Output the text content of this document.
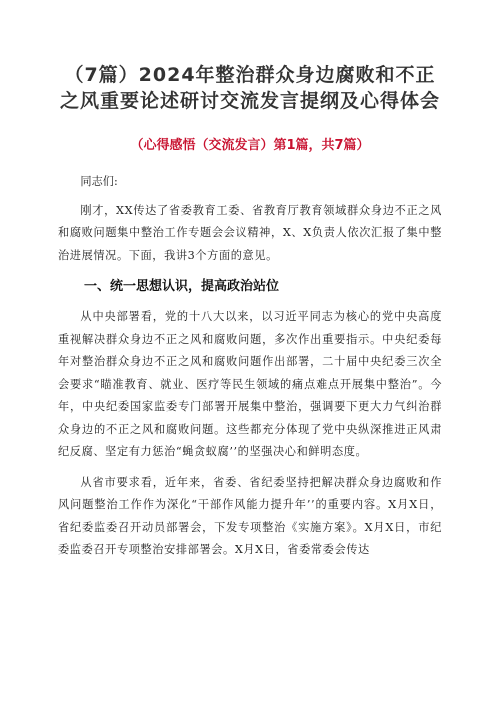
（7篇）2024年整治群众身边腐败和不正之风重要论述研讨交流发言提纲及心得体会
（心得感悟（交流发言）第1篇，共7篇）
同志们:

刚才，XX传达了省委教育工委、省教育厅教育领域群众身边不正之风和腐败问题集中整治工作专题会会议精神，X、X负责人依次汇报了集中整治进展情况。下面，我讲3个方面的意见。

一、统一思想认识，提高政治站位

从中央部署看，党的十八大以来，以习近平同志为核心的党中央高度重视解决群众身边不正之风和腐败问题，多次作出重要指示。中央纪委每年对整治群众身边不正之风和腐败问题作出部署，二十届中央纪委三次全会要求“瞄准教育、就业、医疗等民生领域的痛点难点开展集中整治”。今年，中央纪委国家监委专门部署开展集中整治，强调要下更大力气纠治群众身边的不正之风和腐败问题。这些都充分体现了党中央纵深推进正风肃纪反腐、坚定有力惩治“蝇贪蚁腐’’的坚强决心和鲜明态度。

从省市要求看，近年来，省委、省纪委坚持把解决群众身边腐败和作风问题整治工作作为深化“干部作风能力提升年’’的重要内容。X月X日，省纪委监委召开动员部署会，下发专项整治《实施方案》。X月X日，市纪委监委召开专项整治安排部署会。X月X日，省委常委会传达
